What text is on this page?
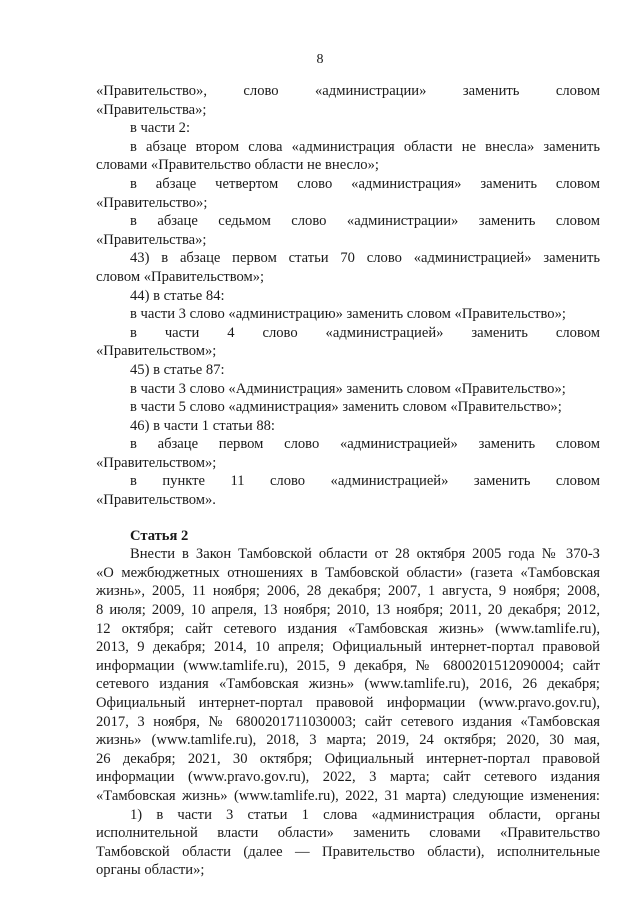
8
«Правительство», слово «администрации» заменить словом
«Правительства»;
в части 2:
в абзаце втором слова «администрация области не внесла» заменить
словами «Правительство области не внесло»;
в абзаце четвертом слово «администрация» заменить словом
«Правительство»;
в абзаце седьмом слово «администрации» заменить словом
«Правительства»;
43) в абзаце первом статьи 70 слово «администрацией» заменить
словом «Правительством»;
44) в статье 84:
в части 3 слово «администрацию» заменить словом «Правительство»;
в части 4 слово «администрацией» заменить словом
«Правительством»;
45) в статье 87:
в части 3 слово «Администрация» заменить словом «Правительство»;
в части 5 слово «администрация» заменить словом «Правительство»;
46) в части 1 статьи 88:
в абзаце первом слово «администрацией» заменить словом
«Правительством»;
в пункте 11 слово «администрацией» заменить словом
«Правительством».
Статья 2
Внести в Закон Тамбовской области от 28 октября 2005 года № 370-З
«О межбюджетных отношениях в Тамбовской области» (газета «Тамбовская
жизнь», 2005, 11 ноября; 2006, 28 декабря; 2007, 1 августа, 9 ноября; 2008,
8 июля; 2009, 10 апреля, 13 ноября; 2010, 13 ноября; 2011, 20 декабря; 2012,
12 октября; сайт сетевого издания «Тамбовская жизнь» (www.tamlife.ru),
2013, 9 декабря; 2014, 10 апреля; Официальный интернет-портал правовой
информации (www.tamlife.ru), 2015, 9 декабря, № 6800201512090004; сайт
сетевого издания «Тамбовская жизнь» (www.tamlife.ru), 2016, 26 декабря;
Официальный интернет-портал правовой информации (www.pravo.gov.ru),
2017, 3 ноября, № 6800201711030003; сайт сетевого издания «Тамбовская
жизнь» (www.tamlife.ru), 2018, 3 марта; 2019, 24 октября; 2020, 30 мая,
26 декабря; 2021, 30 октября; Официальный интернет-портал правовой
информации (www.pravo.gov.ru), 2022, 3 марта; сайт сетевого издания
«Тамбовская жизнь» (www.tamlife.ru), 2022, 31 марта) следующие изменения:
1) в части 3 статьи 1 слова «администрация области, органы
исполнительной власти области» заменить словами «Правительство
Тамбовской области (далее — Правительство области), исполнительные
органы области»;
